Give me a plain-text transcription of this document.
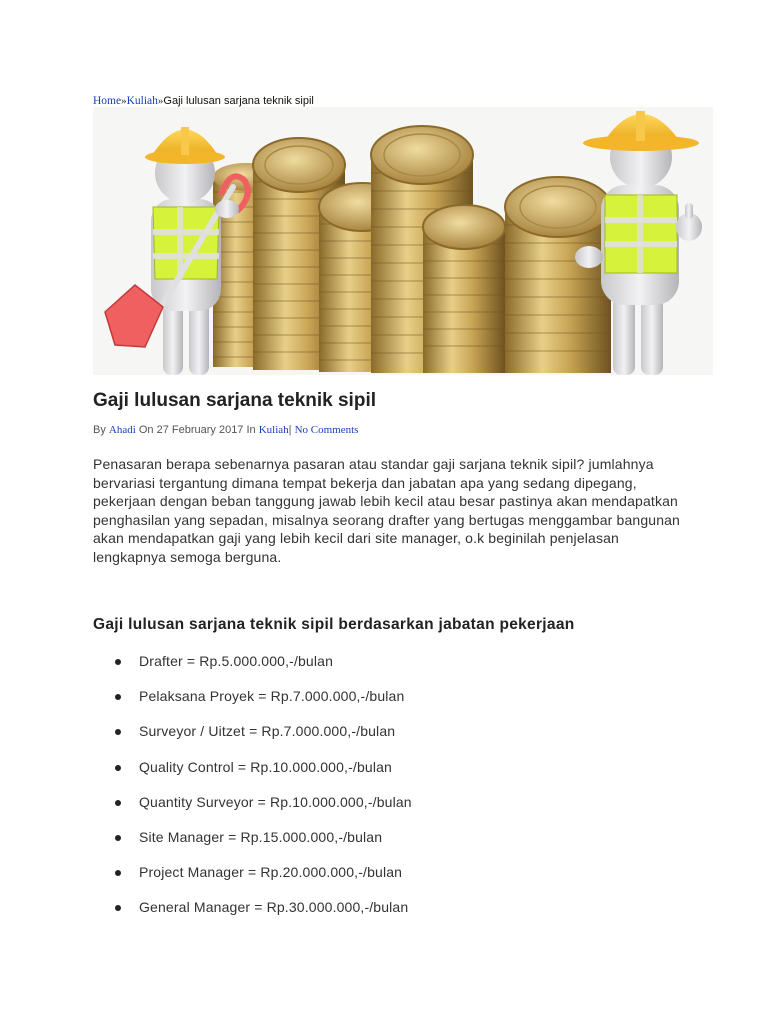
Home»Kuliah»Gaji lulusan sarjana teknik sipil
Gaji lulusan sarjana teknik sipil
By Ahadi On 27 February 2017 In Kuliah| No Comments

Penasaran berapa sebenarnya pasaran atau standar gaji sarjana teknik sipil? jumlahnya bervariasi tergantung dimana tempat bekerja dan jabatan apa yang sedang dipegang, pekerjaan dengan beban tanggung jawab lebih kecil atau besar pastinya akan mendapatkan penghasilan yang sepadan, misalnya seorang drafter yang bertugas menggambar bangunan akan mendapatkan gaji yang lebih kecil dari site manager, o.k beginilah penjelasan lengkapnya semoga berguna.

Gaji lulusan sarjana teknik sipil berdasarkan jabatan pekerjaan
Drafter = Rp.5.000.000,-/bulan
Pelaksana Proyek = Rp.7.000.000,-/bulan
Surveyor / Uitzet = Rp.7.000.000,-/bulan
Quality Control = Rp.10.000.000,-/bulan
Quantity Surveyor = Rp.10.000.000,-/bulan
Site Manager = Rp.15.000.000,-/bulan
Project Manager = Rp.20.000.000,-/bulan
General Manager = Rp.30.000.000,-/bulan
